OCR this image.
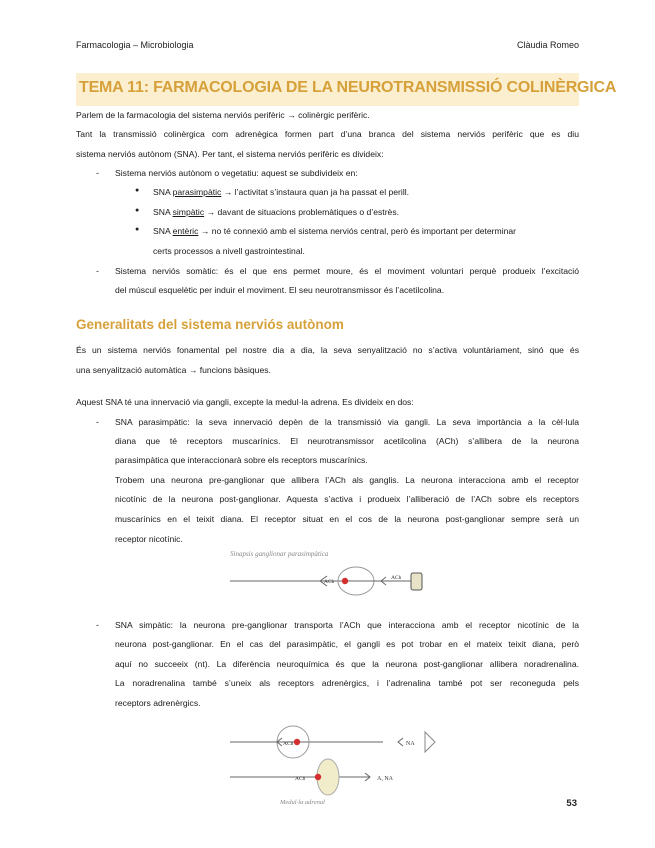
Farmacologia – Microbiologia	Clàudia Romeo
TEMA 11: FARMACOLOGIA DE LA NEUROTRANSMISSIÓ COLINÈRGICA
Parlem de la farmacologia del sistema nerviós perifèric → colinèrgic perifèric.
Tant la transmissió colinèrgica com adrenègica formen part d’una branca del sistema nerviós perifèric que es diu
sistema nerviós autònom (SNA). Per tant, el sistema nerviós perifèric es divideix:
- Sistema nerviós autònom o vegetatiu: aquest se subdivideix en:
● SNA parasimpàtic → l’activitat s’instaura quan ja ha passat el perill.
● SNA simpàtic → davant de situacions problemàtiques o d’estrès.
● SNA entèric → no té connexió amb el sistema nerviós central, però és important per determinar
certs processos a nivell gastrointestinal.
- Sistema nerviós somàtic: és el que ens permet moure, és el moviment voluntari perquè produeix l’excitació
del múscul esquelètic per induir el moviment. El seu neurotransmissor és l’acetilcolina.
Generalitats del sistema nerviós autònom
És un sistema nerviós fonamental pel nostre dia a dia, la seva senyalització no s’activa voluntàriament, sinó que és
una senyalització automàtica → funcions bàsiques.
Aquest SNA té una innervació via gangli, excepte la medul·la adrena. Es divideix en dos:
- SNA parasimpàtic: la seva innervació depèn de la transmissió via gangli. La seva importància a la cèl·lula
diana que té receptors muscarínics. El neurotransmissor acetilcolina (ACh) s’allibera de la neurona
parasimpàtica que interaccionarà sobre els receptors muscarínics.
Trobem una neurona pre-ganglionar que allibera l’ACh als ganglis. La neurona interacciona amb el receptor
nicotínic de la neurona post-ganglionar. Aquesta s’activa i produeix l’alliberació de l’ACh sobre els receptors
muscarínics en el teixit diana. El receptor situat en el cos de la neurona post-ganglionar sempre serà un
receptor nicotínic.
Sinapsis ganglionar parasimpàtica
ACh
ACh
- SNA simpàtic: la neurona pre-ganglionar transporta l’ACh que interacciona amb el receptor nicotínic de la
neurona post-ganglionar. En el cas del parasimpàtic, el gangli es pot trobar en el mateix teixit diana, però
aquí no succeeix (nt). La diferència neuroquímica és que la neurona post-ganglionar allibera noradrenalina.
La noradrenalina també s’uneix als receptors adrenèrgics, i l’adrenalina també pot ser reconeguda pels
receptors adrenèrgics.
ACh	NA
ACh	A, NA
Medul·la adrenal	53
